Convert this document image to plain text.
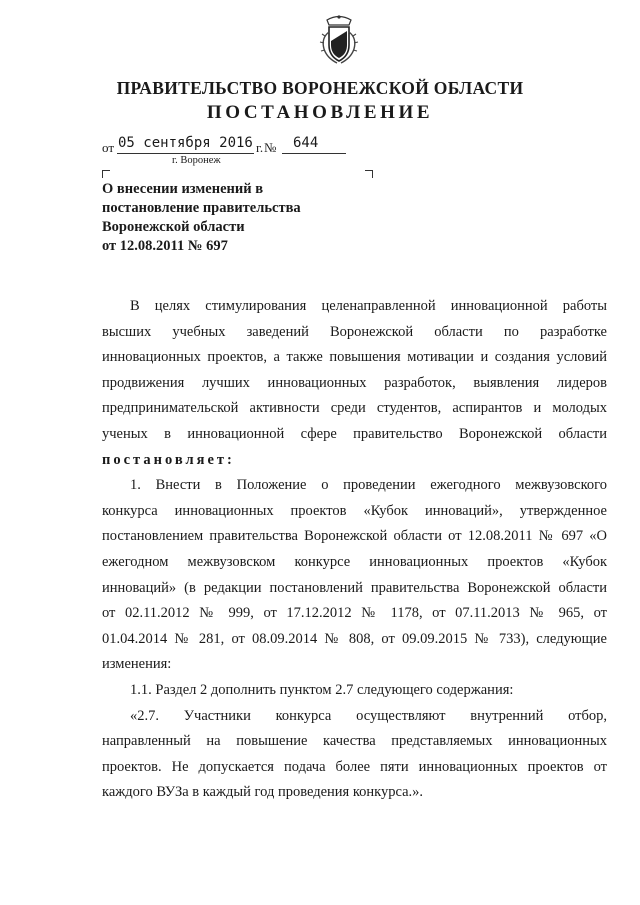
ПРАВИТЕЛЬСТВО ВОРОНЕЖСКОЙ ОБЛАСТИ
ПОСТАНОВЛЕНИЕ
от 05 сентября 2016 г. № 644
г. Воронеж
О внесении изменений в
постановление правительства
Воронежской области
от 12.08.2011 № 697
В целях стимулирования целенаправленной инновационной работы
высших учебных заведений Воронежской области по разработке
инновационных проектов, а также повышения мотивации и создания условий
продвижения лучших инновационных разработок, выявления лидеров
предпринимательской активности среди студентов, аспирантов и молодых
ученых в инновационной сфере правительство Воронежской области
постановляет:
1. Внести в Положение о проведении ежегодного межвузовского
конкурса инновационных проектов «Кубок инноваций», утвержденное
постановлением правительства Воронежской области от 12.08.2011 № 697 «О
ежегодном межвузовском конкурсе инновационных проектов «Кубок
инноваций» (в редакции постановлений правительства Воронежской области
от 02.11.2012 № 999, от 17.12.2012 № 1178, от 07.11.2013 № 965, от
01.04.2014 № 281, от 08.09.2014 № 808, от 09.09.2015 № 733), следующие
изменения:
1.1. Раздел 2 дополнить пунктом 2.7 следующего содержания:
«2.7. Участники конкурса осуществляют внутренний отбор,
направленный на повышение качества представляемых инновационных
проектов. Не допускается подача более пяти инновационных проектов от
каждого ВУЗа в каждый год проведения конкурса.».
